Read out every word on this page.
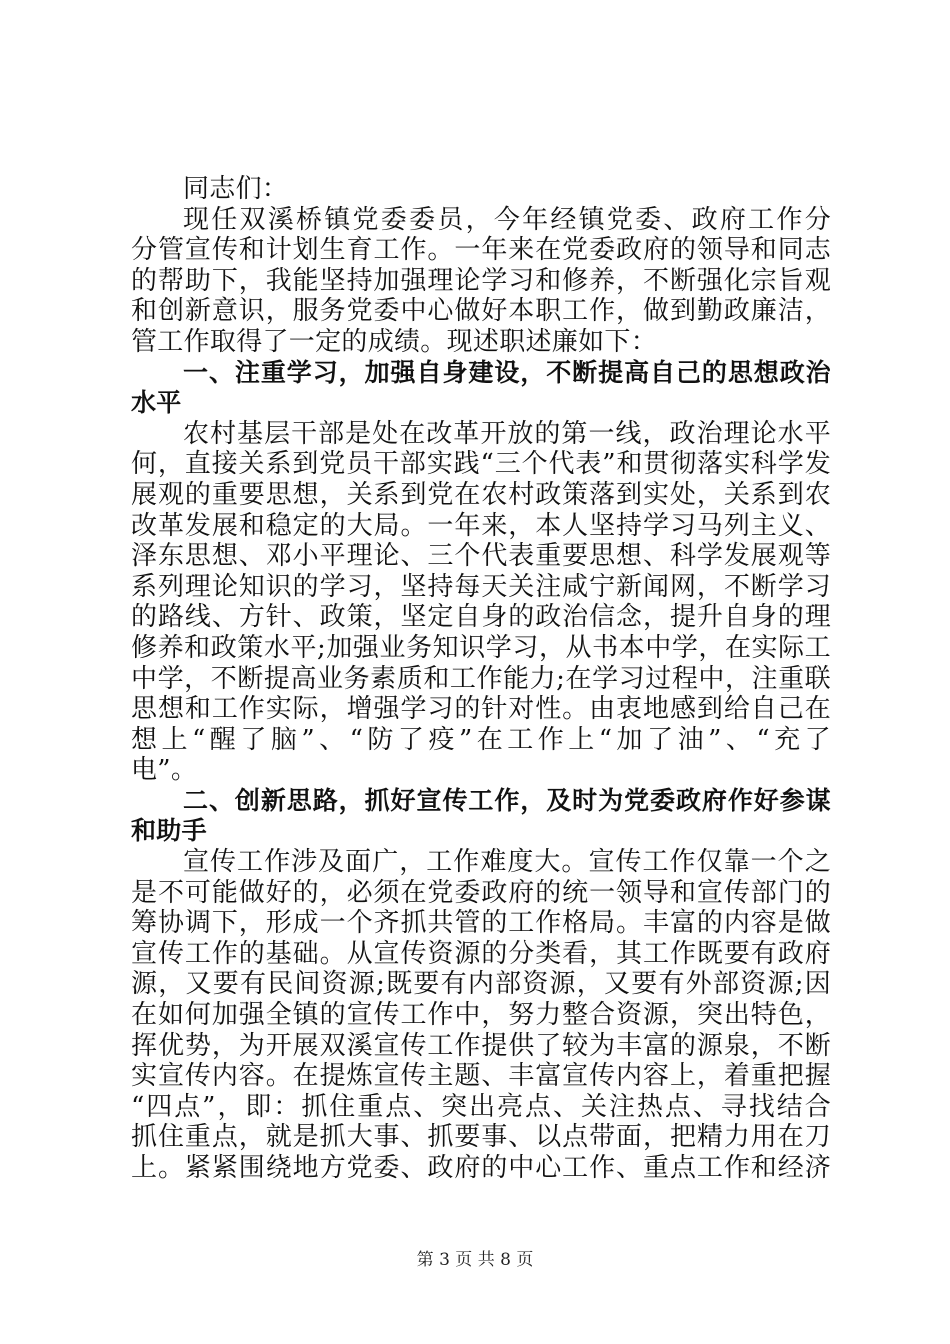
同志们：
现任双溪桥镇党委委员，今年经镇党委、政府工作分
分管宣传和计划生育工作。一年来在党委政府的领导和同志
的帮助下，我能坚持加强理论学习和修养，不断强化宗旨观
和创新意识，服务党委中心做好本职工作，做到勤政廉洁，
管工作取得了一定的成绩。现述职述廉如下：
一、注重学习，加强自身建设，不断提高自己的思想政治
水平
农村基层干部是处在改革开放的第一线，政治理论水平
何，直接关系到党员干部实践“三个代表”和贯彻落实科学发
展观的重要思想，关系到党在农村政策落到实处，关系到农
改革发展和稳定的大局。一年来，本人坚持学习马列主义、
泽东思想、邓小平理论、三个代表重要思想、科学发展观等
系列理论知识的学习，坚持每天关注咸宁新闻网，不断学习
的路线、方针、政策，坚定自身的政治信念，提升自身的理
修养和政策水平;加强业务知识学习，从书本中学，在实际工
中学，不断提高业务素质和工作能力;在学习过程中，注重联
思想和工作实际，增强学习的针对性。由衷地感到给自己在
想上“醒了脑”、“防了疫”在工作上“加了油”、“充了
电”。
二、创新思路，抓好宣传工作，及时为党委政府作好参谋
和助手
宣传工作涉及面广，工作难度大。宣传工作仅靠一个之
是不可能做好的，必须在党委政府的统一领导和宣传部门的
筹协调下，形成一个齐抓共管的工作格局。丰富的内容是做
宣传工作的基础。从宣传资源的分类看，其工作既要有政府
源，又要有民间资源;既要有内部资源，又要有外部资源;因
在如何加强全镇的宣传工作中，努力整合资源，突出特色，
挥优势，为开展双溪宣传工作提供了较为丰富的源泉，不断
实宣传内容。在提炼宣传主题、丰富宣传内容上，着重把握
“四点”，即：抓住重点、突出亮点、关注热点、寻找结合
抓住重点，就是抓大事、抓要事、以点带面，把精力用在刀
上。紧紧围绕地方党委、政府的中心工作、重点工作和经济
第 3 页 共 8 页
